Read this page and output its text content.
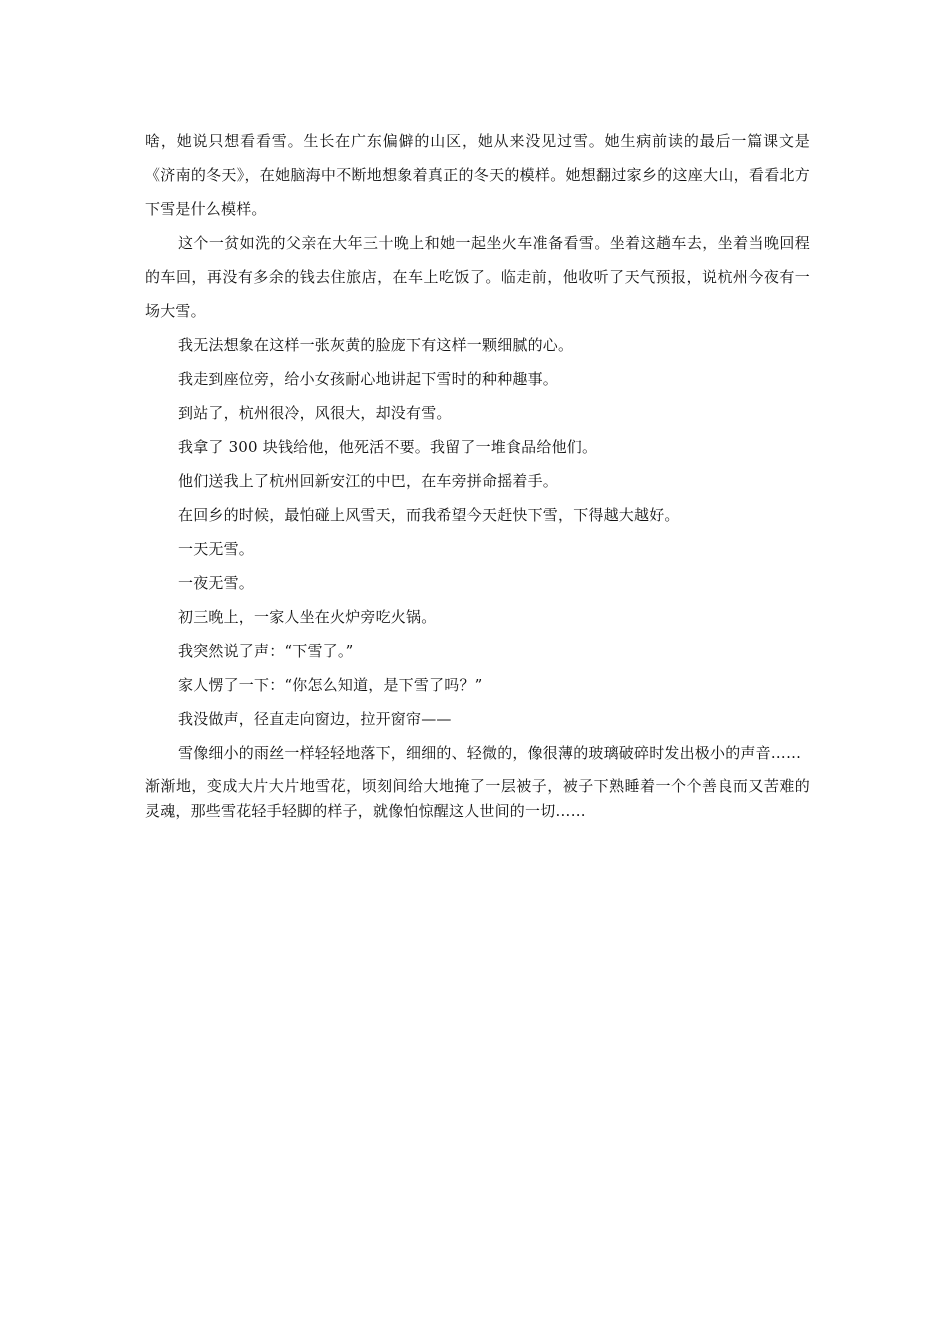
啥，她说只想看看雪。生长在广东偏僻的山区，她从来没见过雪。她生病前读的最后一篇课文是《济南的冬天》，在她脑海中不断地想象着真正的冬天的模样。她想翻过家乡的这座大山，看看北方下雪是什么模样。

这个一贫如洗的父亲在大年三十晚上和她一起坐火车准备看雪。坐着这趟车去，坐着当晚回程的车回，再没有多余的钱去住旅店，在车上吃饭了。临走前，他收听了天气预报，说杭州今夜有一场大雪。

我无法想象在这样一张灰黄的脸庞下有这样一颗细腻的心。

我走到座位旁，给小女孩耐心地讲起下雪时的种种趣事。

到站了，杭州很冷，风很大，却没有雪。

我拿了 300 块钱给他，他死活不要。我留了一堆食品给他们。

他们送我上了杭州回新安江的中巴，在车旁拼命摇着手。

在回乡的时候，最怕碰上风雪天，而我希望今天赶快下雪，下得越大越好。

一天无雪。

一夜无雪。

初三晚上，一家人坐在火炉旁吃火锅。

我突然说了声：“下雪了。”

家人愣了一下：“你怎么知道，是下雪了吗？”

我没做声，径直走向窗边，拉开窗帘——

雪像细小的雨丝一样轻轻地落下，细细的、轻微的，像很薄的玻璃破碎时发出极小的声音……

渐渐地，变成大片大片地雪花，顷刻间给大地掩了一层被子，被子下熟睡着一个个善良而又苦难的灵魂，那些雪花轻手轻脚的样子，就像怕惊醒这人世间的一切……
